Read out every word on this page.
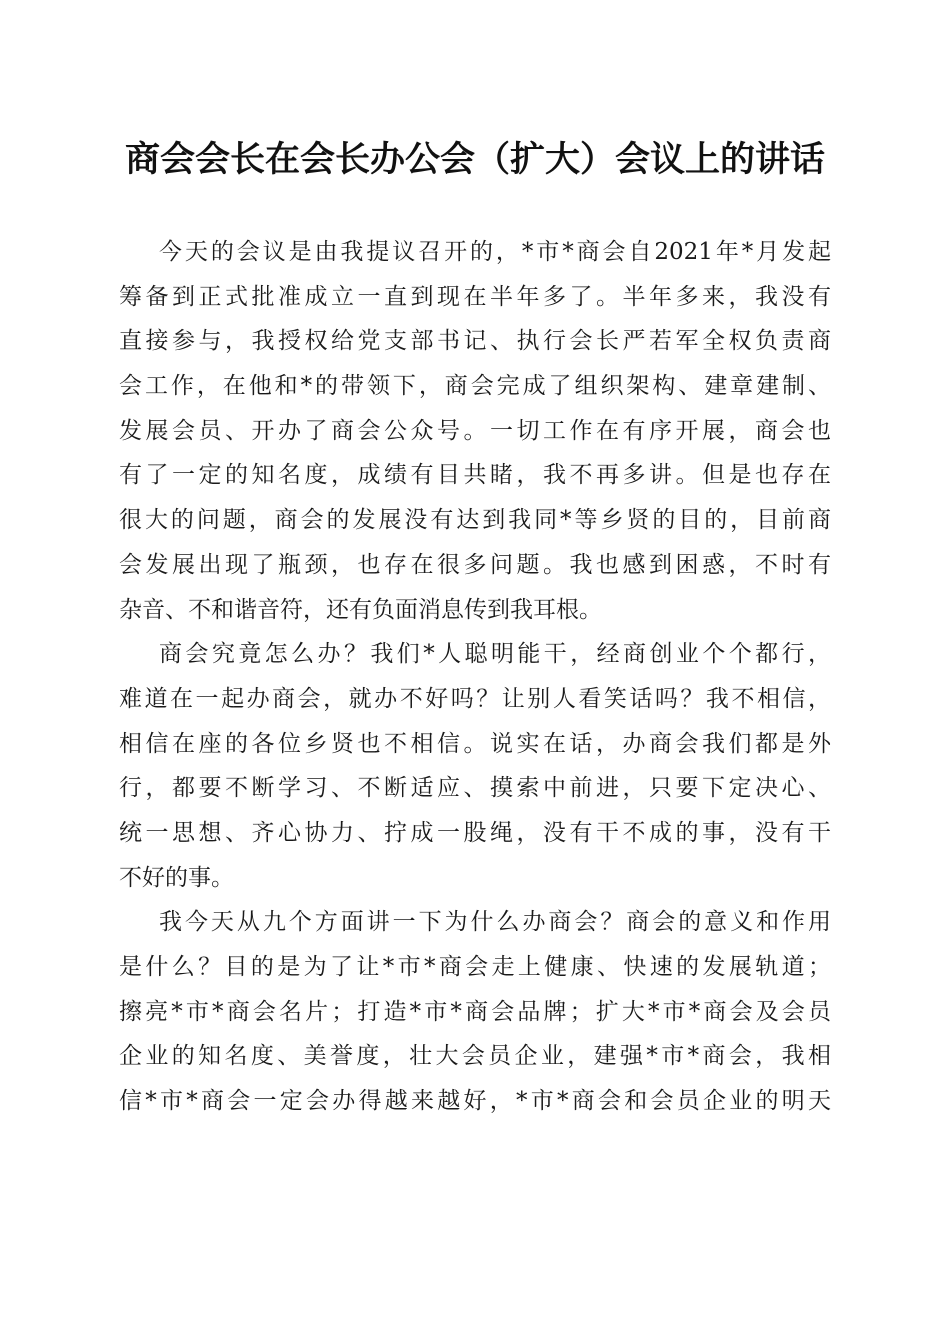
商会会长在会长办公会（扩大）会议上的讲话
今天的会议是由我提议召开的，*市*商会自2021年*月发起
筹备到正式批准成立一直到现在半年多了。半年多来，我没有
直接参与，我授权给党支部书记、执行会长严若军全权负责商
会工作，在他和*的带领下，商会完成了组织架构、建章建制、
发展会员、开办了商会公众号。一切工作在有序开展，商会也
有了一定的知名度，成绩有目共睹，我不再多讲。但是也存在
很大的问题，商会的发展没有达到我同*等乡贤的目的，目前商
会发展出现了瓶颈，也存在很多问题。我也感到困惑，不时有
杂音、不和谐音符，还有负面消息传到我耳根。
商会究竟怎么办？我们*人聪明能干，经商创业个个都行，
难道在一起办商会，就办不好吗？让别人看笑话吗？我不相信，
相信在座的各位乡贤也不相信。说实在话，办商会我们都是外
行，都要不断学习、不断适应、摸索中前进，只要下定决心、
统一思想、齐心协力、拧成一股绳，没有干不成的事，没有干
不好的事。
我今天从九个方面讲一下为什么办商会？商会的意义和作用
是什么？目的是为了让*市*商会走上健康、快速的发展轨道；
擦亮*市*商会名片；打造*市*商会品牌；扩大*市*商会及会员
企业的知名度、美誉度，壮大会员企业，建强*市*商会，我相
信*市*商会一定会办得越来越好，*市*商会和会员企业的明天
